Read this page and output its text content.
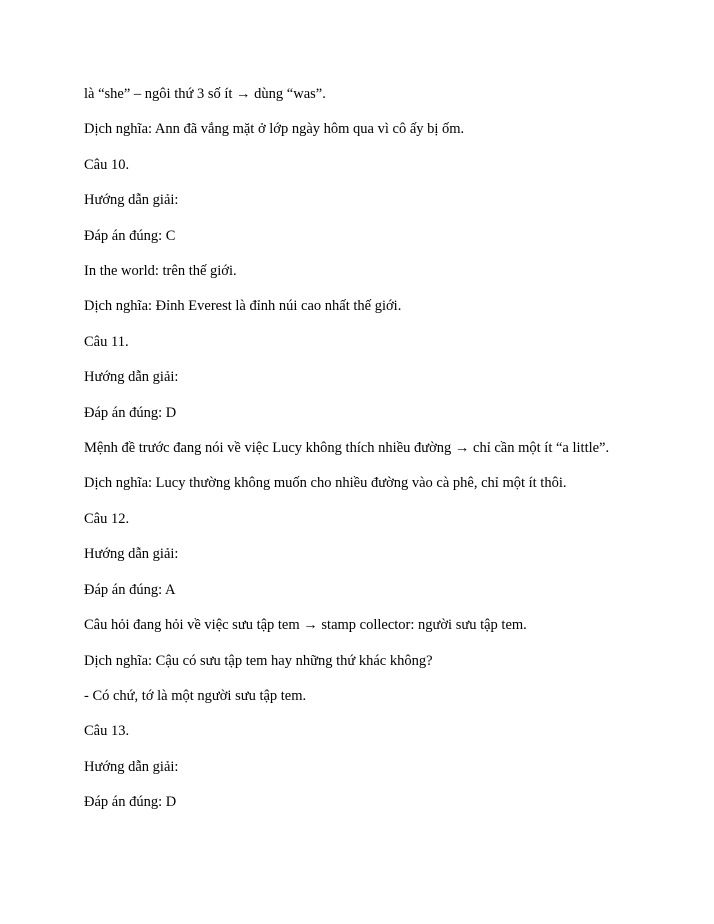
là “she” – ngôi thứ 3 số ít → dùng “was”.
Dịch nghĩa: Ann đã vắng mặt ở lớp ngày hôm qua vì cô ấy bị ốm.
Câu 10.
Hướng dẫn giải:
Đáp án đúng: C
In the world: trên thế giới.
Dịch nghĩa: Đỉnh Everest là đỉnh núi cao nhất thế giới.
Câu 11.
Hướng dẫn giải:
Đáp án đúng: D
Mệnh đề trước đang nói về việc Lucy không thích nhiều đường → chỉ cần một ít “a little”.
Dịch nghĩa: Lucy thường không muốn cho nhiều đường vào cà phê, chỉ một ít thôi.
Câu 12.
Hướng dẫn giải:
Đáp án đúng: A
Câu hỏi đang hỏi về việc sưu tập tem → stamp collector: người sưu tập tem.
Dịch nghĩa: Cậu có sưu tập tem hay những thứ khác không?
- Có chứ, tớ là một người sưu tập tem.
Câu 13.
Hướng dẫn giải:
Đáp án đúng: D
